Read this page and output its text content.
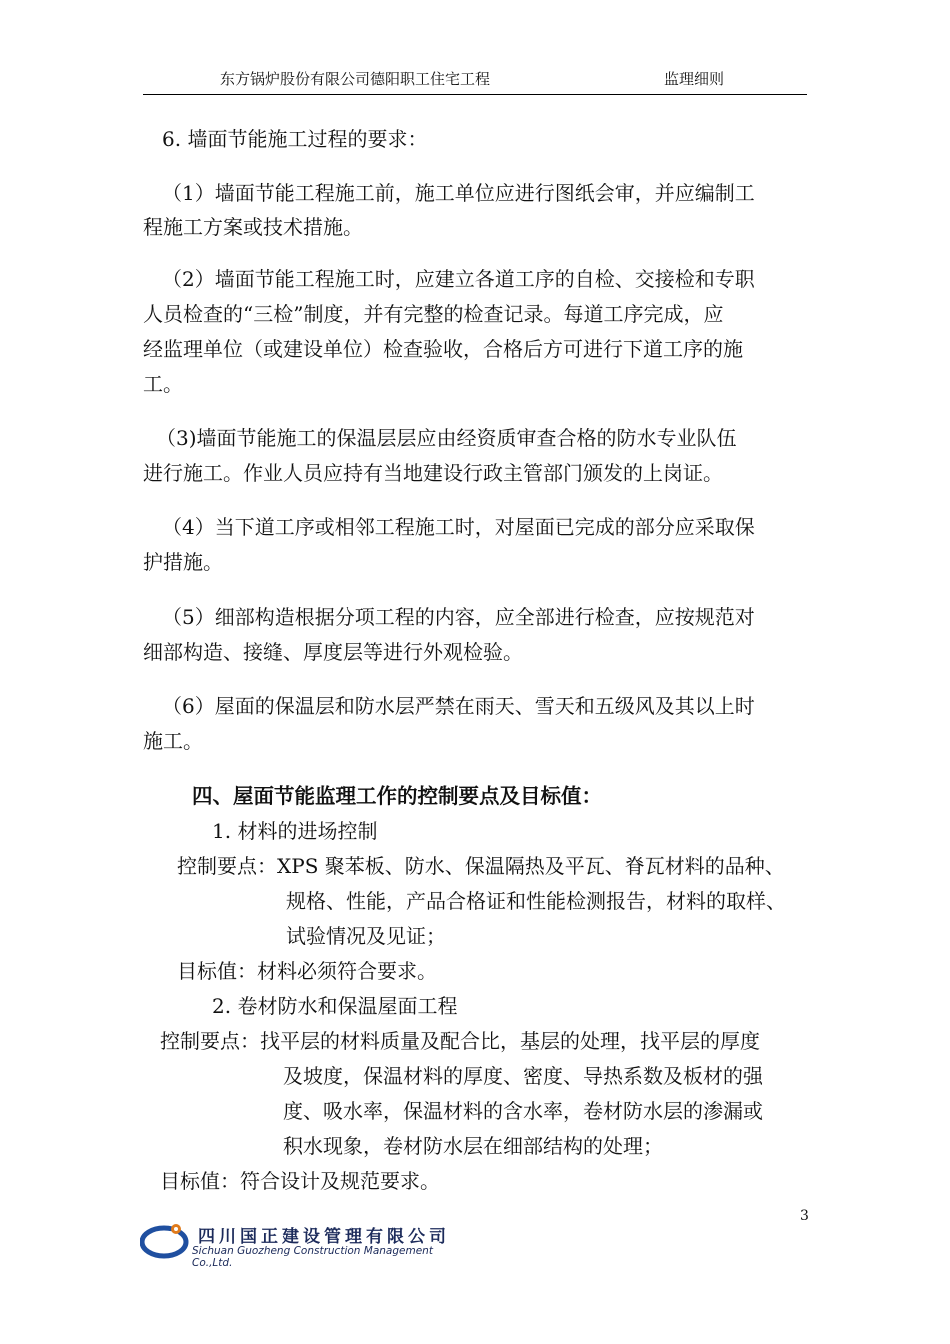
东方锅炉股份有限公司德阳职工住宅工程	监理细则
6. 墙面节能施工过程的要求：
（1）墙面节能工程施工前，施工单位应进行图纸会审，并应编制工
程施工方案或技术措施。
（2）墙面节能工程施工时，应建立各道工序的自检、交接检和专职
人员检查的“三检”制度，并有完整的检查记录。每道工序完成，应
经监理单位（或建设单位）检查验收，合格后方可进行下道工序的施
工。
（3)墙面节能施工的保温层层应由经资质审查合格的防水专业队伍
进行施工。作业人员应持有当地建设行政主管部门颁发的上岗证。
（4）当下道工序或相邻工程施工时，对屋面已完成的部分应采取保
护措施。
（5）细部构造根据分项工程的内容，应全部进行检查，应按规范对
细部构造、接缝、厚度层等进行外观检验。
（6）屋面的保温层和防水层严禁在雨天、雪天和五级风及其以上时
施工。
四、屋面节能监理工作的控制要点及目标值：
1. 材料的进场控制
控制要点：XPS 聚苯板、防水、保温隔热及平瓦、脊瓦材料的品种、
规格、性能，产品合格证和性能检测报告，材料的取样、
试验情况及见证；
目标值：材料必须符合要求。
2. 卷材防水和保温屋面工程
控制要点：找平层的材料质量及配合比，基层的处理，找平层的厚度
及坡度，保温材料的厚度、密度、导热系数及板材的强
度、吸水率，保温材料的含水率，卷材防水层的渗漏或
积水现象，卷材防水层在细部结构的处理；
目标值：符合设计及规范要求。
3
四川国正建设管理有限公司
Sichuan Guozheng Construction Management Co.,Ltd.
